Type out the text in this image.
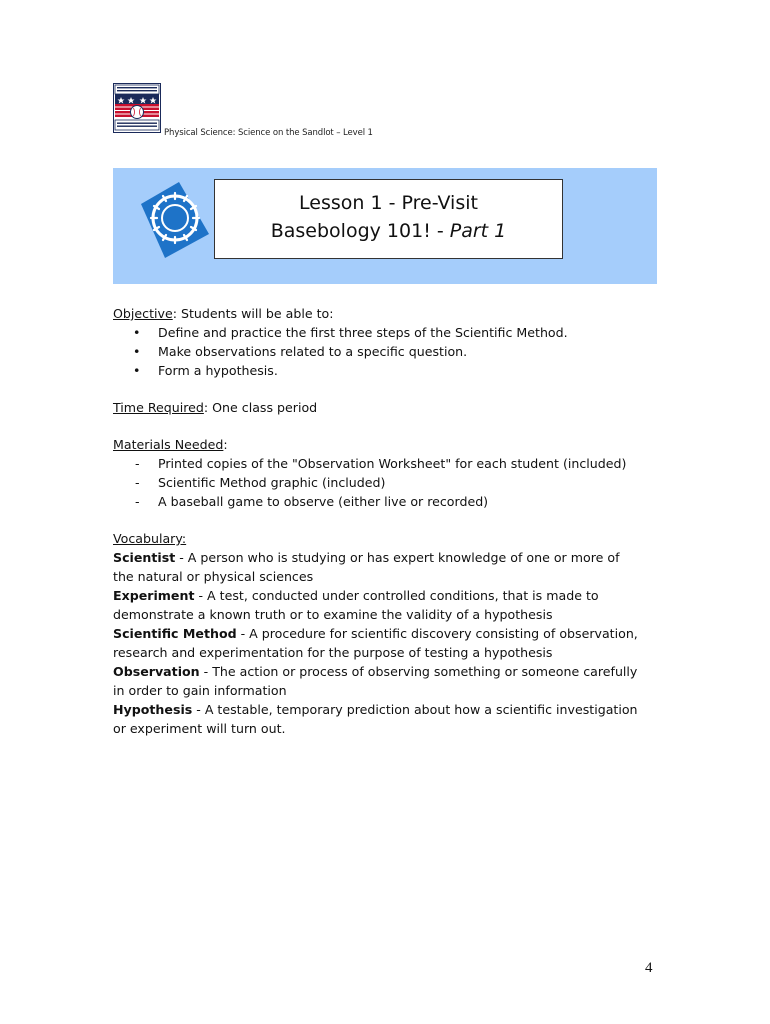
Physical Science: Science on the Sandlot – Level 1
Lesson 1 - Pre-Visit
Basebology 101! - Part 1

Objective: Students will be able to:

• Define and practice the first three steps of the Scientific Method.
• Make observations related to a specific question.
• Form a hypothesis.

Time Required: One class period

Materials Needed:

- Printed copies of the "Observation Worksheet" for each student (included)
- Scientific Method graphic (included)
- A baseball game to observe (either live or recorded)

Vocabulary:

Scientist - A person who is studying or has expert knowledge of one or more of the natural or physical sciences

Experiment - A test, conducted under controlled conditions, that is made to demonstrate a known truth or to examine the validity of a hypothesis

Scientific Method - A procedure for scientific discovery consisting of observation, research and experimentation for the purpose of testing a hypothesis

Observation - The action or process of observing something or someone carefully in order to gain information

Hypothesis - A testable, temporary prediction about how a scientific investigation or experiment will turn out.

4
